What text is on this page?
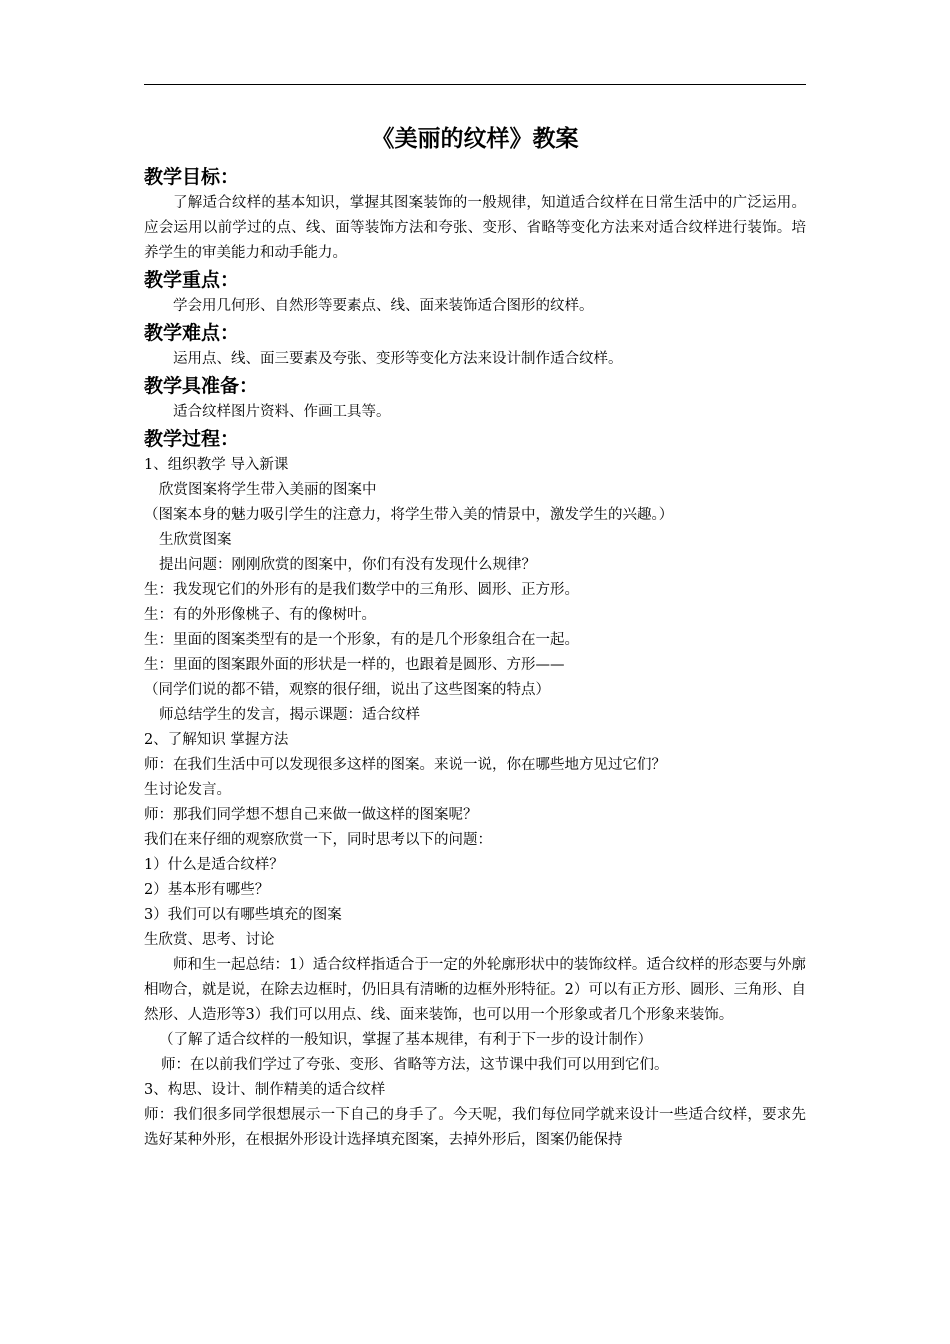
《美丽的纹样》教案
教学目标：
了解适合纹样的基本知识，掌握其图案装饰的一般规律，知道适合纹样在日常生活中的广泛运用。应会运用以前学过的点、线、面等装饰方法和夸张、变形、省略等变化方法来对适合纹样进行装饰。培养学生的审美能力和动手能力。
教学重点：
学会用几何形、自然形等要素点、线、面来装饰适合图形的纹样。
教学难点：
运用点、线、面三要素及夸张、变形等变化方法来设计制作适合纹样。
教学具准备：
适合纹样图片资料、作画工具等。
教学过程：
1、组织教学 导入新课
欣赏图案将学生带入美丽的图案中
（图案本身的魅力吸引学生的注意力，将学生带入美的情景中，激发学生的兴趣。）
生欣赏图案
提出问题：刚刚欣赏的图案中，你们有没有发现什么规律？
生：我发现它们的外形有的是我们数学中的三角形、圆形、正方形。
生：有的外形像桃子、有的像树叶。
生：里面的图案类型有的是一个形象，有的是几个形象组合在一起。
生：里面的图案跟外面的形状是一样的，也跟着是圆形、方形——
（同学们说的都不错，观察的很仔细，说出了这些图案的特点）
师总结学生的发言，揭示课题：适合纹样
2、了解知识 掌握方法
师：在我们生活中可以发现很多这样的图案。来说一说，你在哪些地方见过它们？
生讨论发言。
师：那我们同学想不想自己来做一做这样的图案呢？
我们在来仔细的观察欣赏一下，同时思考以下的问题：
1）什么是适合纹样？
2）基本形有哪些？
3）我们可以有哪些填充的图案
生欣赏、思考、讨论
师和生一起总结：1）适合纹样指适合于一定的外轮廓形状中的装饰纹样。适合纹样的形态要与外廓相吻合，就是说，在除去边框时，仍旧具有清晰的边框外形特征。2）可以有正方形、圆形、三角形、自然形、人造形等3）我们可以用点、线、面来装饰，也可以用一个形象或者几个形象来装饰。
（了解了适合纹样的一般知识，掌握了基本规律，有利于下一步的设计制作）
师：在以前我们学过了夸张、变形、省略等方法，这节课中我们可以用到它们。
3、构思、设计、制作精美的适合纹样
师：我们很多同学很想展示一下自己的身手了。今天呢，我们每位同学就来设计一些适合纹样，要求先选好某种外形，在根据外形设计选择填充图案，去掉外形后，图案仍能保持
